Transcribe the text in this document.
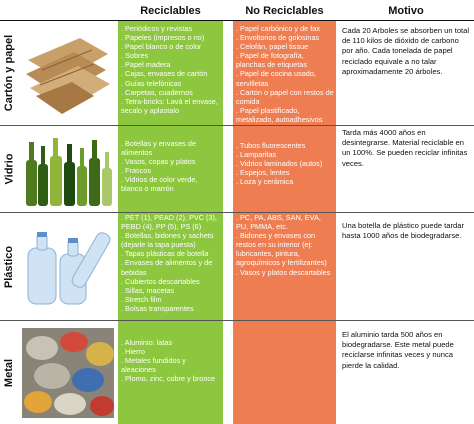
Reciclables	No Reciclables	Motivo
Cartón y papel
Vidrio
Plástico
Metal
. Periódicos y revistas
. Papeles (impresos o no)
. Papel blanco o de color
. Sobres
. Papel madera
. Cajas, envases de cartón
. Guías telefónicas
. Carpetas, cuadernos
. Tetra-bricks: Lavá el envase, secalo y aplastalo
. Papel carbónico y de fax
. Envoltorios de golosinas
. Celofán, papel tissue
. Papel de fotografía, planchas de etiquetas
. Papel de cocina usado, servilletas
. Cartón o papel con restos de comida
. Papel plastificado, metalizado, autoadhesivos
Cada 20 Arboles se absorben un total de 110 kilos de dióxido de carbono por año. Cada tonelada de papel reciclado equivale a no talar aproximadamente 20 árboles.
. Botellas y envases de alimentos
. Vasos, copas y platos
. Frascos
. Vidrios de color verde, blanco o marrón
. Tubos fluorescentes
. Lamparitas
. Vidrios laminados (autos)
. Espejos, lentes
. Loza y cerámica
Tarda más 4000 años en desintegrarse. Material reciclable en un 100%. Se pueden reciclar infinitas veces.
. PET (1), PEAD (2), PVC (3), PEBD (4), PP (5), PS (6)
. Botellas, bidones y sachets (dejarle la tapa puesta)
. Tapas plásticas de botella
. Envases de alimentos y de bebidas
. Cubiertos descartables
. Sillas, macetas
. Stretch film
. Bolsas transparentes
. PC, PA, ABS, SAN, EVA, PU, PMMA, etc.
. Bidones y envases con restos en su interior (ej: lubricantes, pintura, agroquímicos y fertilizantes)
. Vasos y platos descartables
Una botella de plástico puede tardar hasta 1000 años de biodegradarse.
. Aluminio: latas
. Hierro
. Metales fundidos y aleaciones
. Plomo, zinc, cobre y bronce
El aluminio tarda 500 años en biodegradarse. Este metal puede reciclarse infinitas veces y nunca pierde la calidad.
